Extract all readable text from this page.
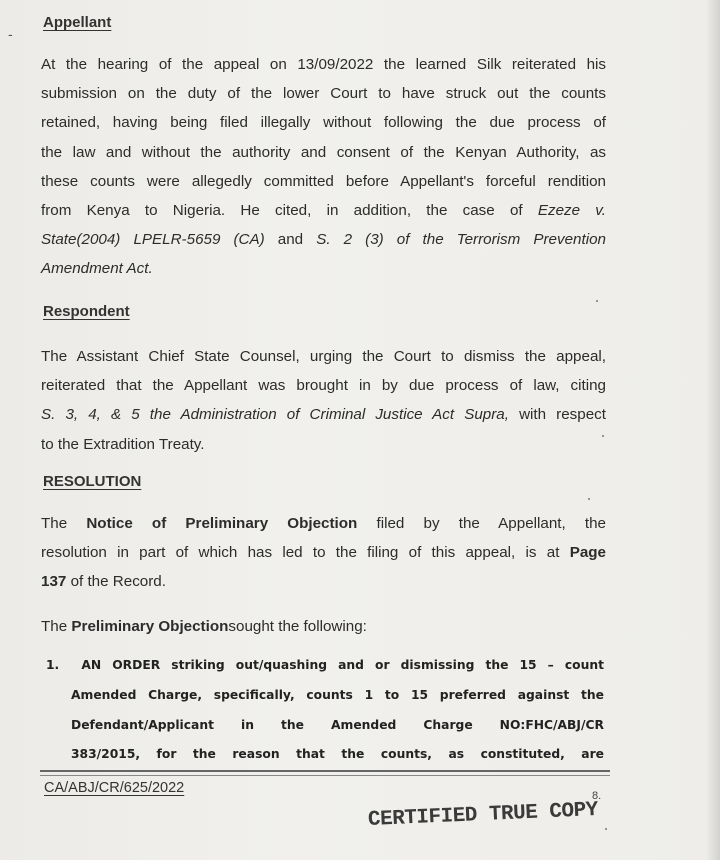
-
Appellant
At the hearing of the appeal on 13/09/2022 the learned Silk reiterated his
submission on the duty of the lower Court to have struck out the counts
retained, having being filed illegally without following the due process of
the law and without the authority and consent of the Kenyan Authority, as
these counts were allegedly committed before Appellant's forceful rendition
from Kenya to Nigeria. He cited, in addition, the case of Ezeze v.
State(2004) LPELR-5659 (CA) and S. 2 (3) of the Terrorism Prevention
Amendment Act.
Respondent
The Assistant Chief State Counsel, urging the Court to dismiss the appeal,
reiterated that the Appellant was brought in by due process of law, citing
S. 3, 4, & 5 the Administration of Criminal Justice Act Supra, with respect
to the Extradition Treaty.
RESOLUTION
The Notice of Preliminary Objection filed by the Appellant, the
resolution in part of which has led to the filing of this appeal, is at Page
137 of the Record.
The Preliminary Objectionsought the following:
1. AN ORDER striking out/quashing and or dismissing the 15 – count
Amended Charge, specifically, counts 1 to 15 preferred against the
Defendant/Applicant in the Amended Charge NO:FHC/ABJ/CR
383/2015, for the reason that the counts, as constituted, are
CA/ABJ/CR/625/2022	8.
CERTIFIED TRUE COPY
